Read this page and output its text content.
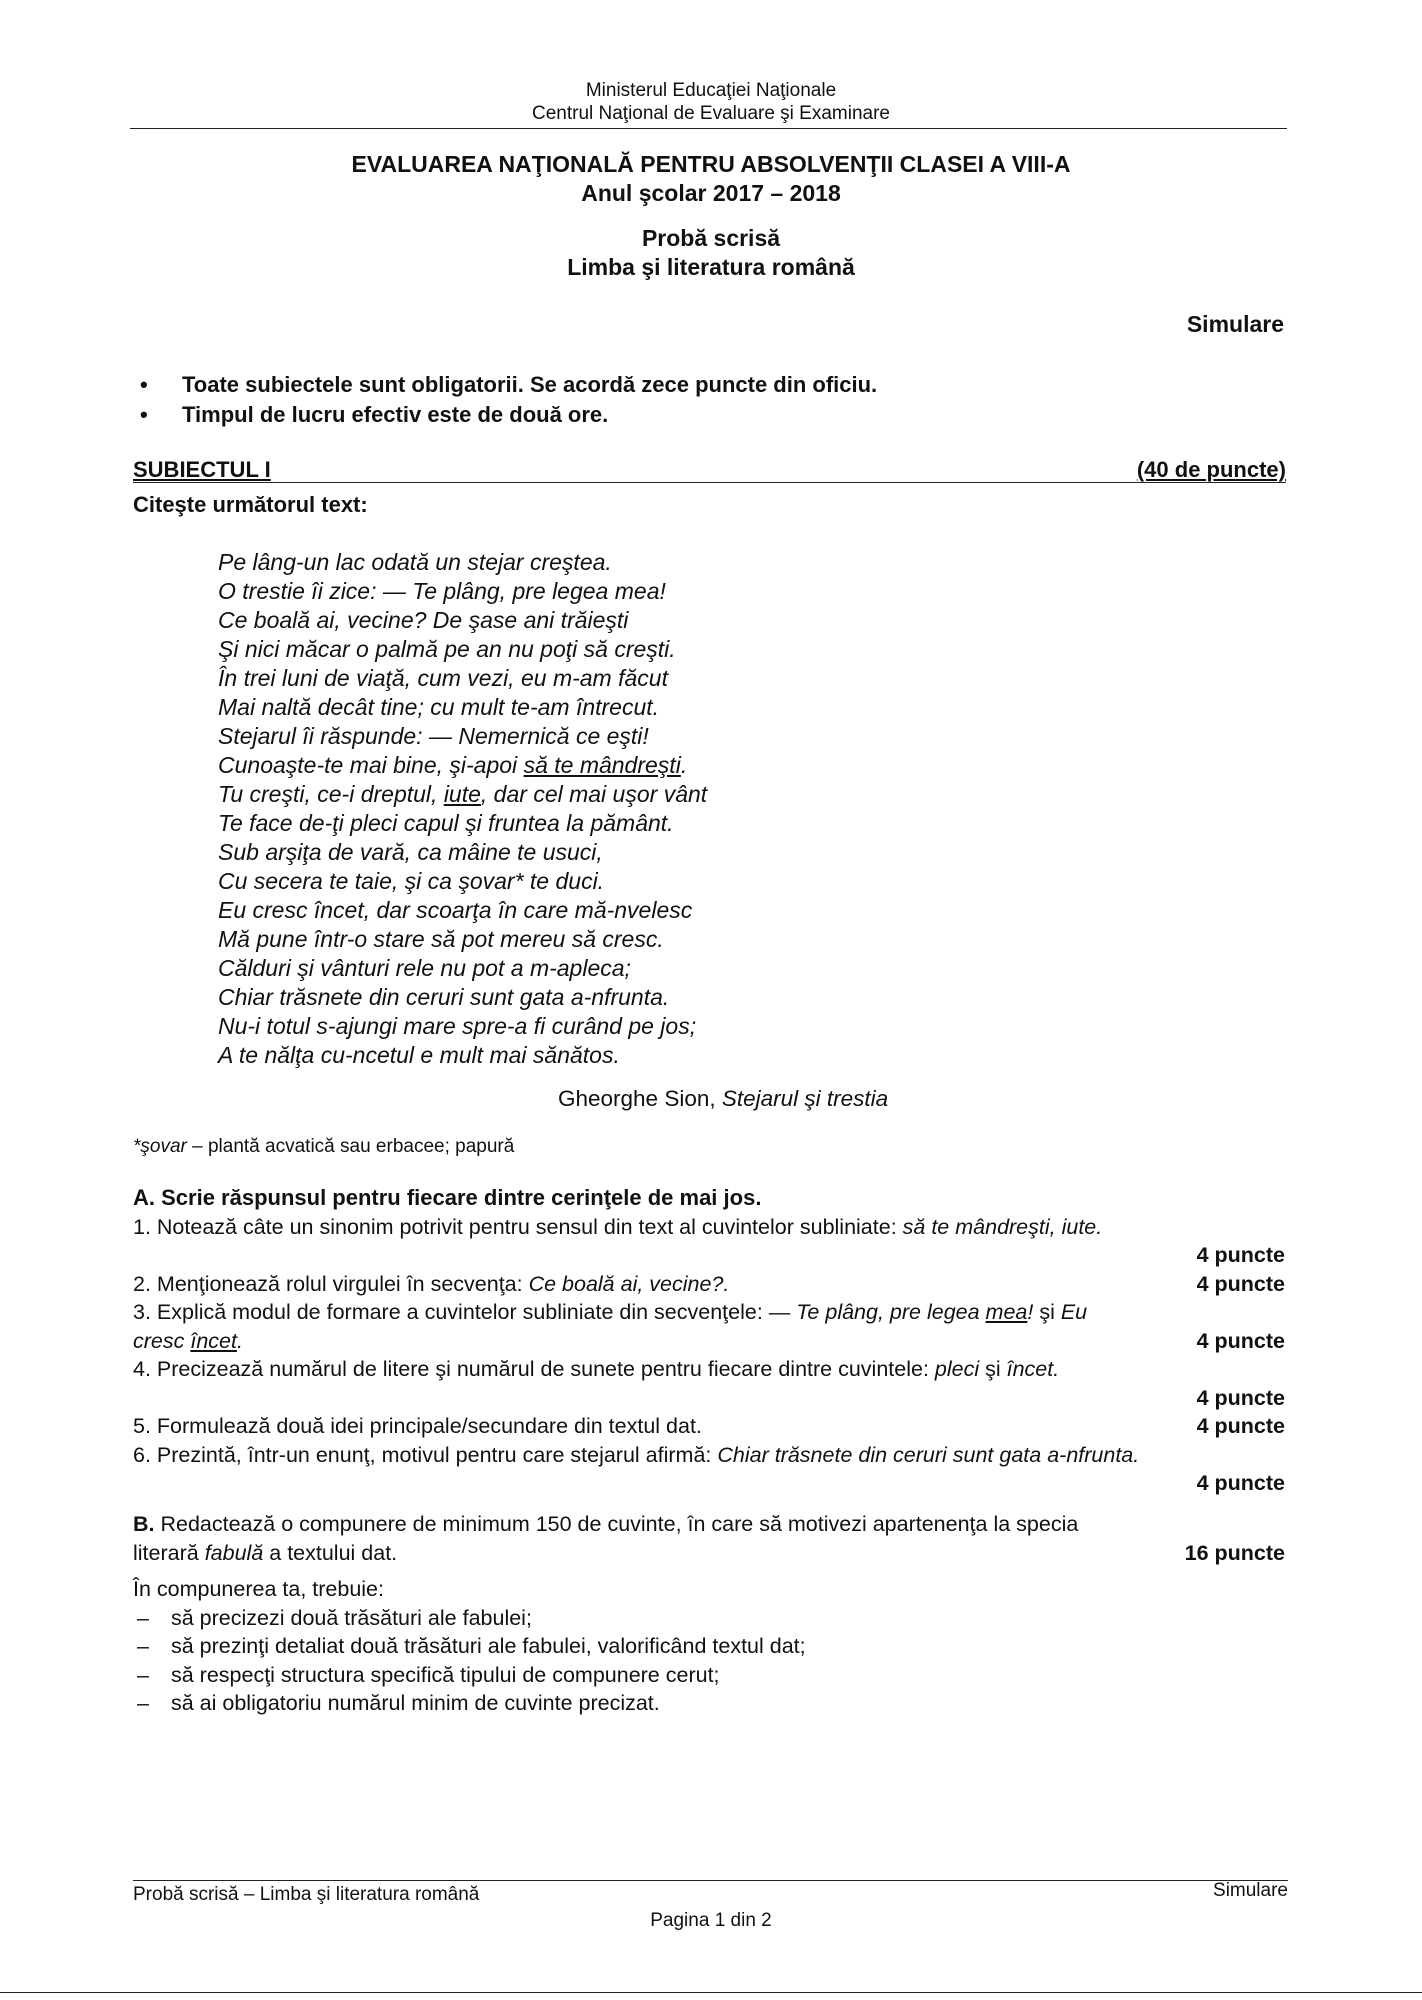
Ministerul Educaţiei Naţionale
Centrul Naţional de Evaluare şi Examinare
EVALUAREA NAŢIONALĂ PENTRU ABSOLVENŢII CLASEI A VIII-A
Anul şcolar 2017 – 2018
Probă scrisă
Limba şi literatura română
Simulare
• Toate subiectele sunt obligatorii. Se acordă zece puncte din oficiu.
• Timpul de lucru efectiv este de două ore.
SUBIECTUL I	(40 de puncte)
Citeşte următorul text:
Pe lâng-un lac odată un stejar creştea.
O trestie îi zice: — Te plâng, pre legea mea!
Ce boală ai, vecine? De şase ani trăieşti
Şi nici măcar o palmă pe an nu poţi să creşti.
În trei luni de viaţă, cum vezi, eu m-am făcut
Mai naltă decât tine; cu mult te-am întrecut.
Stejarul îi răspunde: — Nemernică ce eşti!
Cunoaşte-te mai bine, şi-apoi să te mândreşti.
Tu creşti, ce-i dreptul, iute, dar cel mai uşor vânt
Te face de-ţi pleci capul şi fruntea la pământ.
Sub arşiţa de vară, ca mâine te usuci,
Cu secera te taie, şi ca şovar* te duci.
Eu cresc încet, dar scoarţa în care mă-nvelesc
Mă pune într-o stare să pot mereu să cresc.
Călduri şi vânturi rele nu pot a m-apleca;
Chiar trăsnete din ceruri sunt gata a-nfrunta.
Nu-i totul s-ajungi mare spre-a fi curând pe jos;
A te nălţa cu-ncetul e mult mai sănătos.
Gheorghe Sion, Stejarul şi trestia
*şovar – plantă acvatică sau erbacee; papură
A. Scrie răspunsul pentru fiecare dintre cerinţele de mai jos.
1. Notează câte un sinonim potrivit pentru sensul din text al cuvintelor subliniate: să te mândreşti, iute.
4 puncte
2. Menţionează rolul virgulei în secvenţa: Ce boală ai, vecine?.	4 puncte
3. Explică modul de formare a cuvintelor subliniate din secvenţele: — Te plâng, pre legea mea! şi Eu
cresc încet.	4 puncte
4. Precizează numărul de litere şi numărul de sunete pentru fiecare dintre cuvintele: pleci şi încet.
4 puncte
5. Formulează două idei principale/secundare din textul dat.	4 puncte
6. Prezintă, într-un enunţ, motivul pentru care stejarul afirmă: Chiar trăsnete din ceruri sunt gata a-nfrunta.
4 puncte
B. Redactează o compunere de minimum 150 de cuvinte, în care să motivezi apartenenţa la specia
literară fabulă a textului dat.	16 puncte
În compunerea ta, trebuie:
– să precizezi două trăsături ale fabulei;
– să prezinţi detaliat două trăsături ale fabulei, valorificând textul dat;
– să respecţi structura specifică tipului de compunere cerut;
– să ai obligatoriu numărul minim de cuvinte precizat.
Probă scrisă – Limba şi literatura română	Simulare
Pagina 1 din 2
